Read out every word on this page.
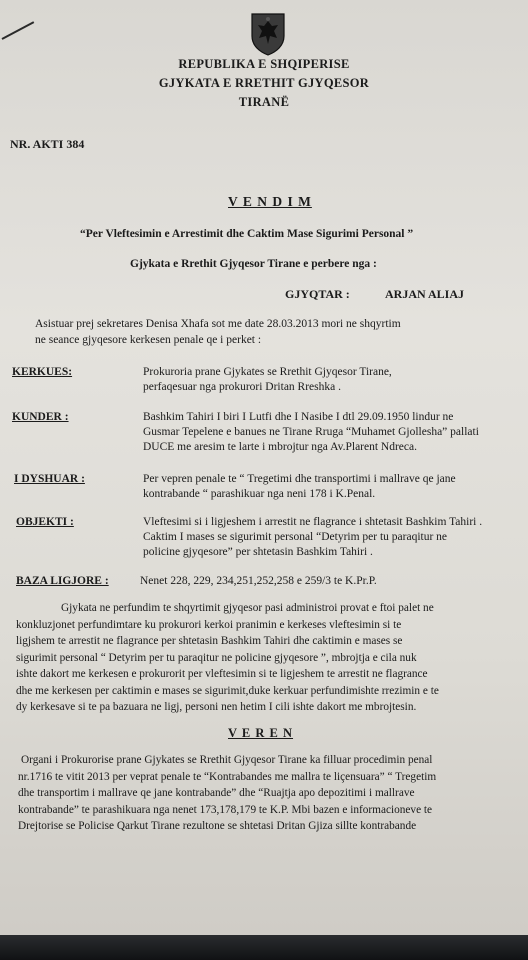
REPUBLIKA E SHQIPERISE
GJYKATA E RRETHIT GJYQESOR
TIRANË
NR. AKTI 384
V E N D I M
“Per Vleftesimin e Arrestimit dhe Caktim Mase Sigurimi Personal ”
Gjykata e Rrethit Gjyqesor Tirane e perbere nga :
GJYQTAR :	ARJAN ALIAJ
Asistuar prej sekretares Denisa Xhafa sot me date 28.03.2013 mori ne shqyrtim
ne seance gjyqesore kerkesen penale qe i perket :
KERKUES:	Prokuroria prane Gjykates se Rrethit Gjyqesor Tirane,
perfaqesuar nga prokurori Dritan Rreshka .
KUNDER :	Bashkim Tahiri I biri I Lutfi dhe I Nasibe I dtl 29.09.1950 lindur ne
Gusmar Tepelene e banues ne Tirane Rruga “Muhamet Gjollesha” pallati
DUCE me aresim te larte i mbrojtur nga Av.Plarent Ndreca.
I DYSHUAR :	Per vepren penale te “ Tregetimi dhe transportimi i mallrave qe jane
kontrabande “ parashikuar nga neni 178 i K.Penal.
OBJEKTI :	Vleftesimi si i ligjeshem i arrestit ne flagrance i shtetasit Bashkim Tahiri .
Caktim I mases se sigurimit personal “Detyrim per tu paraqitur ne
policine gjyqesore” per shtetasin Bashkim Tahiri .
BAZA LIGJORE :	Nenet 228, 229, 234,251,252,258 e 259/3 te K.Pr.P.
Gjykata ne perfundim te shqyrtimit gjyqesor pasi administroi provat e ftoi palet ne
konkluzjonet perfundimtare ku prokurori kerkoi pranimin e kerkeses vleftesimin si te
ligjshem te arrestit ne flagrance per shtetasin Bashkim Tahiri dhe caktimin e mases se
sigurimit personal “ Detyrim per tu paraqitur ne policine gjyqesore ”, mbrojtja e cila nuk
ishte dakort me kerkesen e prokurorit per vleftesimin si te ligjeshem te arrestit ne flagrance
dhe me kerkesen per caktimin e mases se sigurimit,duke kerkuar perfundimishte rrezimin e te
dy kerkesave si te pa bazuara ne ligj, personi nen hetim I cili ishte dakort me mbrojtesin.
V E R E N
Organi i Prokurorise prane Gjykates se Rrethit Gjyqesor Tirane ka filluar procedimin penal
nr.1716 te vitit 2013 per veprat penale te “Kontrabandes me mallra te liçensuara” “ Tregetim
dhe transportim i mallrave qe jane kontrabande” dhe “Ruajtja apo depozitimi i mallrave
kontrabande” te parashikuara nga nenet 173,178,179 te K.P. Mbi bazen e informacioneve te
Drejtorise se Policise Qarkut Tirane rezultone se shtetasi Dritan Gjiza sillte kontrabande
